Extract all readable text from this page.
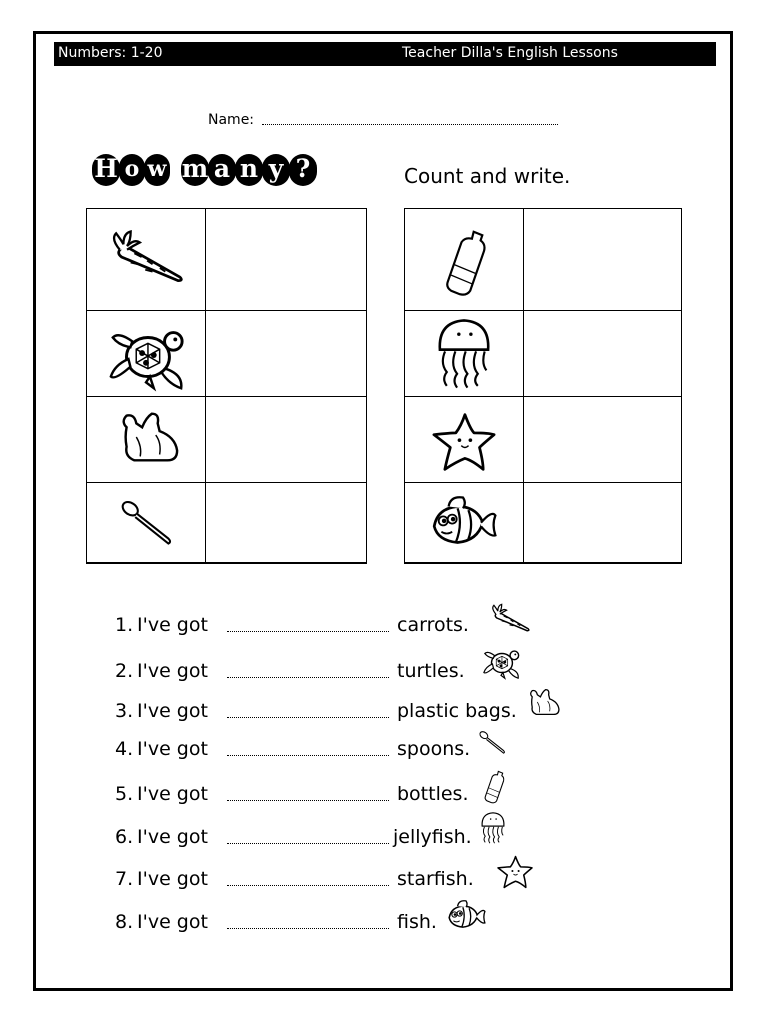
Numbers: 1-20	Teacher Dilla's English Lessons
Name:
H o w m a n y ?	Count and write.
1. I've got	carrots.
2. I've got	turtles.
3. I've got	plastic bags.
4. I've got	spoons.
5. I've got	bottles.
6. I've got	jellyfish.
7. I've got	starfish.
8. I've got	fish.
